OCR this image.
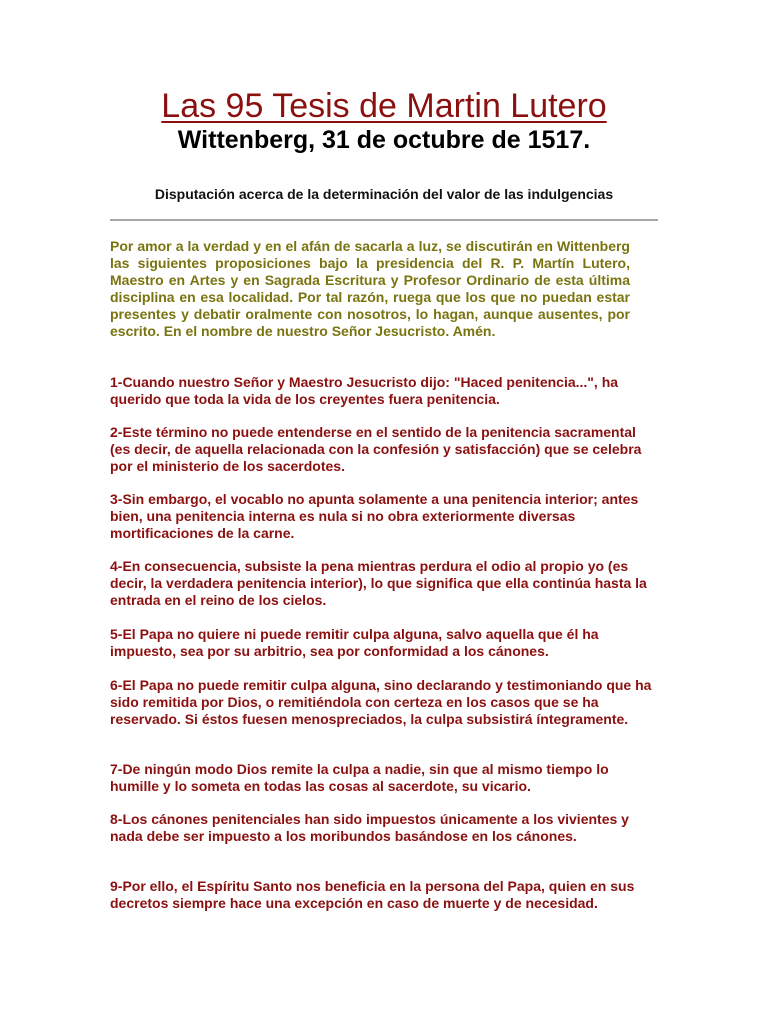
Las 95 Tesis de Martin Lutero
Wittenberg, 31 de octubre de 1517.
Disputación acerca de la determinación del valor de las indulgencias

Por amor a la verdad y en el afán de sacarla a luz, se discutirán en Wittenberg las siguientes proposiciones bajo la presidencia del R. P. Martín Lutero, Maestro en Artes y en Sagrada Escritura y Profesor Ordinario de esta última disciplina en esa localidad. Por tal razón, ruega que los que no puedan estar presentes y debatir oralmente con nosotros, lo hagan, aunque ausentes, por escrito. En el nombre de nuestro Señor Jesucristo. Amén.

1-Cuando nuestro Señor y Maestro Jesucristo dijo: "Haced penitencia...", ha querido que toda la vida de los creyentes fuera penitencia.

2-Este término no puede entenderse en el sentido de la penitencia sacramental (es decir, de aquella relacionada con la confesión y satisfacción) que se celebra por el ministerio de los sacerdotes.

3-Sin embargo, el vocablo no apunta solamente a una penitencia interior; antes bien, una penitencia interna es nula si no obra exteriormente diversas mortificaciones de la carne.

4-En consecuencia, subsiste la pena mientras perdura el odio al propio yo (es decir, la verdadera penitencia interior), lo que significa que ella continúa hasta la entrada en el reino de los cielos.

5-El Papa no quiere ni puede remitir culpa alguna, salvo aquella que él ha impuesto, sea por su arbitrio, sea por conformidad a los cánones.

6-El Papa no puede remitir culpa alguna, sino declarando y testimoniando que ha sido remitida por Dios, o remitiéndola con certeza en los casos que se ha reservado. Si éstos fuesen menospreciados, la culpa subsistirá íntegramente.

7-De ningún modo Dios remite la culpa a nadie, sin que al mismo tiempo lo humille y lo someta en todas las cosas al sacerdote, su vicario.

8-Los cánones penitenciales han sido impuestos únicamente a los vivientes y nada debe ser impuesto a los moribundos basándose en los cánones.

9-Por ello, el Espíritu Santo nos beneficia en la persona del Papa, quien en sus decretos siempre hace una excepción en caso de muerte y de necesidad.
